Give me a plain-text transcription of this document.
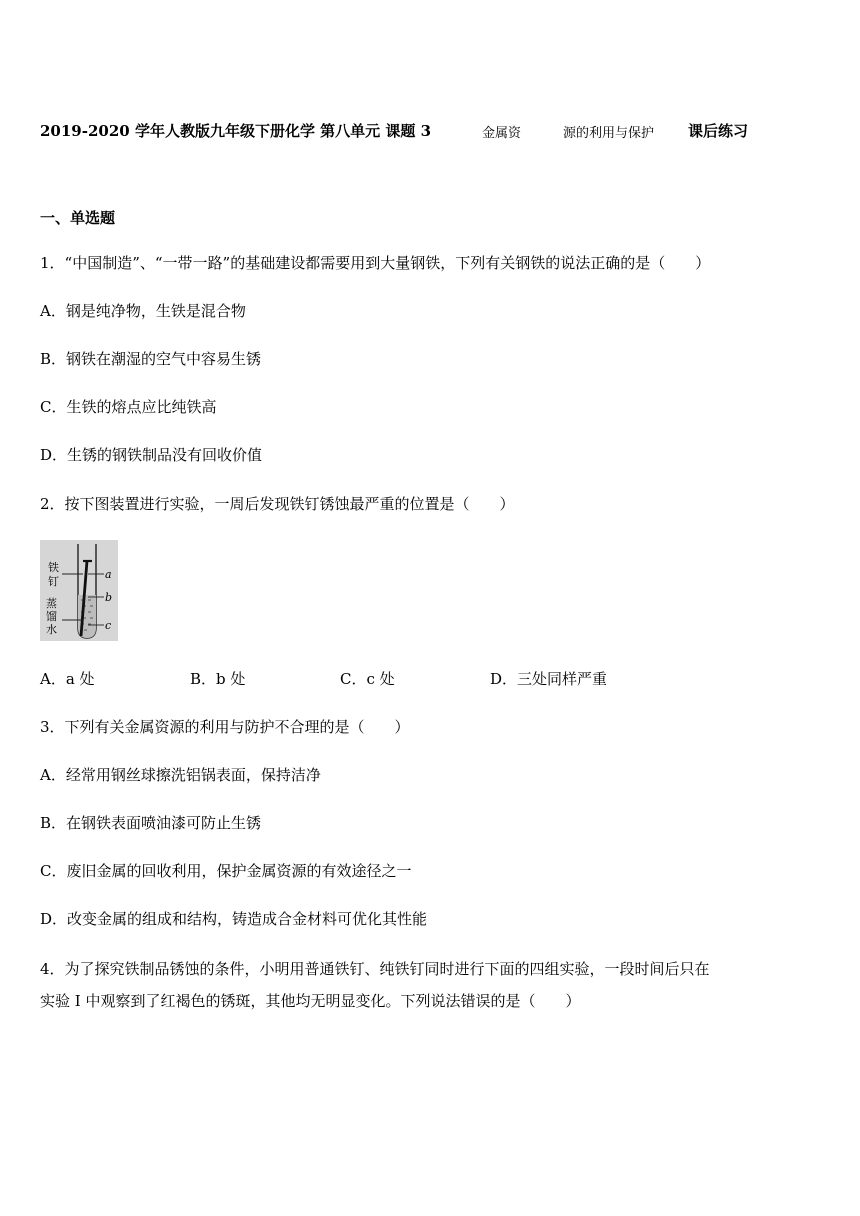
2019-2020 学年人教版九年级下册化学 第八单元 课题 3	金属资	源的利用与保护 课后练习
一、单选题
1．“中国制造”、“一带一路”的基础建设都需要用到大量钢铁，下列有关钢铁的说法正确的是（　　）
A．钢是纯净物，生铁是混合物
B．钢铁在潮湿的空气中容易生锈
C．生铁的熔点应比纯铁高
D．生锈的钢铁制品没有回收价值
2．按下图装置进行实验，一周后发现铁钉锈蚀最严重的位置是（　　）
铁
钉
蒸
馏
水
a
b
c
A．a 处	B．b 处	C．c 处	D．三处同样严重
3．下列有关金属资源的利用与防护不合理的是（　　）
A．经常用钢丝球擦洗铝锅表面，保持洁净
B．在钢铁表面喷油漆可防止生锈
C．废旧金属的回收利用，保护金属资源的有效途径之一
D．改变金属的组成和结构，铸造成合金材料可优化其性能
4．为了探究铁制品锈蚀的条件，小明用普通铁钉、纯铁钉同时进行下面的四组实验，一段时间后只在
实验 I 中观察到了红褐色的锈斑，其他均无明显变化。下列说法错误的是（　　）
